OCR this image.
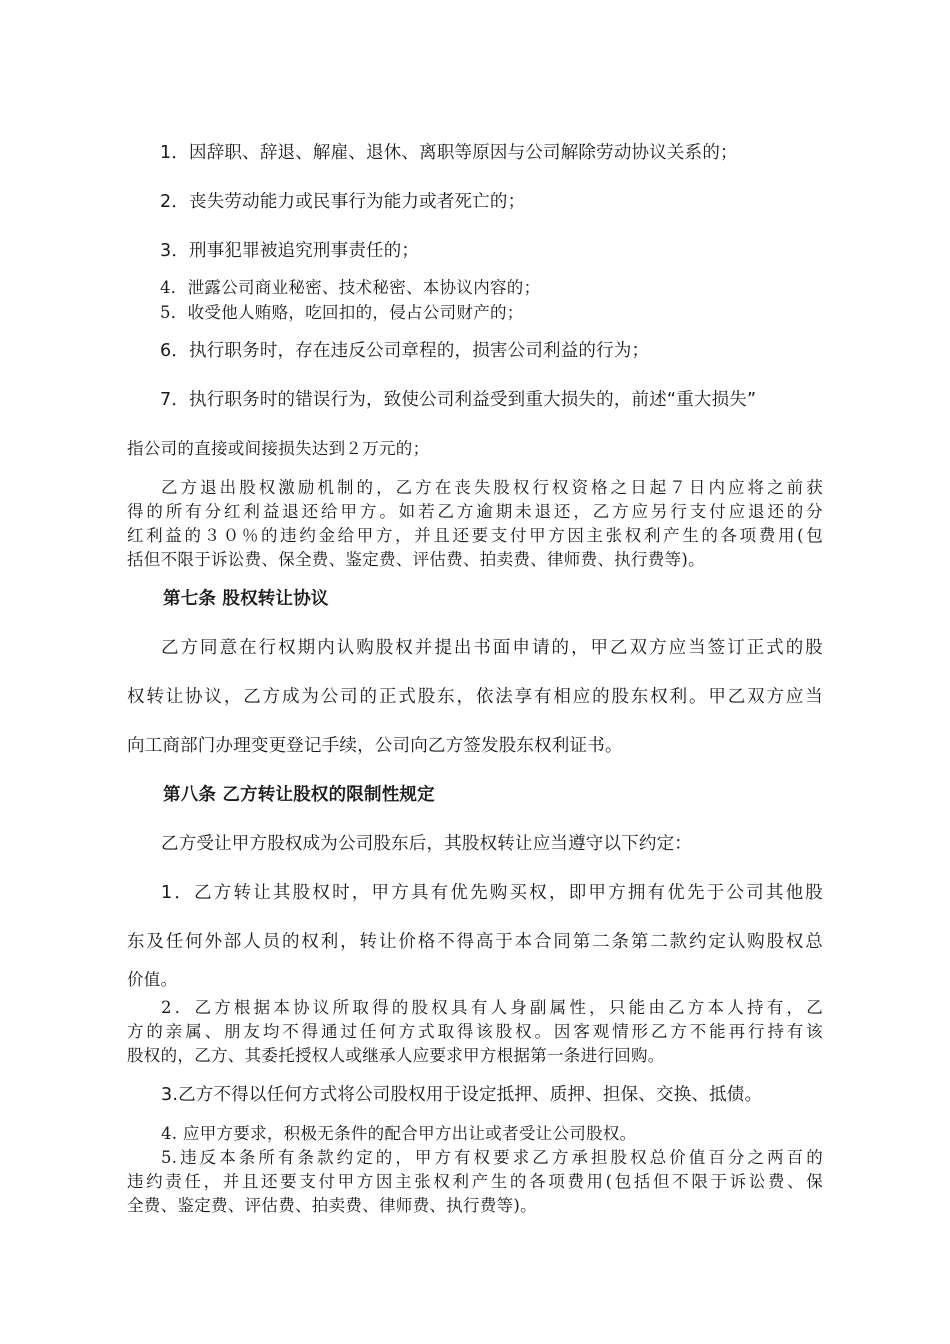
1．因辞职、辞退、解雇、退休、离职等原因与公司解除劳动协议关系的；

2．丧失劳动能力或民事行为能力或者死亡的；

3．刑事犯罪被追究刑事责任的；

4．泄露公司商业秘密、技术秘密、本协议内容的；

5．收受他人贿赂，吃回扣的，侵占公司财产的；

6．执行职务时，存在违反公司章程的，损害公司利益的行为；

7．执行职务时的错误行为，致使公司利益受到重大损失的，前述“重大损失”

指公司的直接或间接损失达到２万元的；

乙方退出股权激励机制的，乙方在丧失股权行权资格之日起７日内应将之前获

得的所有分红利益退还给甲方。如若乙方逾期未退还，乙方应另行支付应退还的分

红利益的３０％的违约金给甲方，并且还要支付甲方因主张权利产生的各项费用(包

括但不限于诉讼费、保全费、鉴定费、评估费、拍卖费、律师费、执行费等)。

第七条 股权转让协议

乙方同意在行权期内认购股权并提出书面申请的，甲乙双方应当签订正式的股

权转让协议，乙方成为公司的正式股东，依法享有相应的股东权利。甲乙双方应当

向工商部门办理变更登记手续，公司向乙方签发股东权利证书。

第八条 乙方转让股权的限制性规定

乙方受让甲方股权成为公司股东后，其股权转让应当遵守以下约定：

1．乙方转让其股权时，甲方具有优先购买权，即甲方拥有优先于公司其他股

东及任何外部人员的权利，转让价格不得高于本合同第二条第二款约定认购股权总

价值。

2．乙方根据本协议所取得的股权具有人身副属性，只能由乙方本人持有，乙

方的亲属、朋友均不得通过任何方式取得该股权。因客观情形乙方不能再行持有该

股权的，乙方、其委托授权人或继承人应要求甲方根据第一条进行回购。

3.乙方不得以任何方式将公司股权用于设定抵押、质押、担保、交换、抵债。

4. 应甲方要求，积极无条件的配合甲方出让或者受让公司股权。

5.违反本条所有条款约定的，甲方有权要求乙方承担股权总价值百分之两百的

违约责任，并且还要支付甲方因主张权利产生的各项费用(包括但不限于诉讼费、保

全费、鉴定费、评估费、拍卖费、律师费、执行费等)。
